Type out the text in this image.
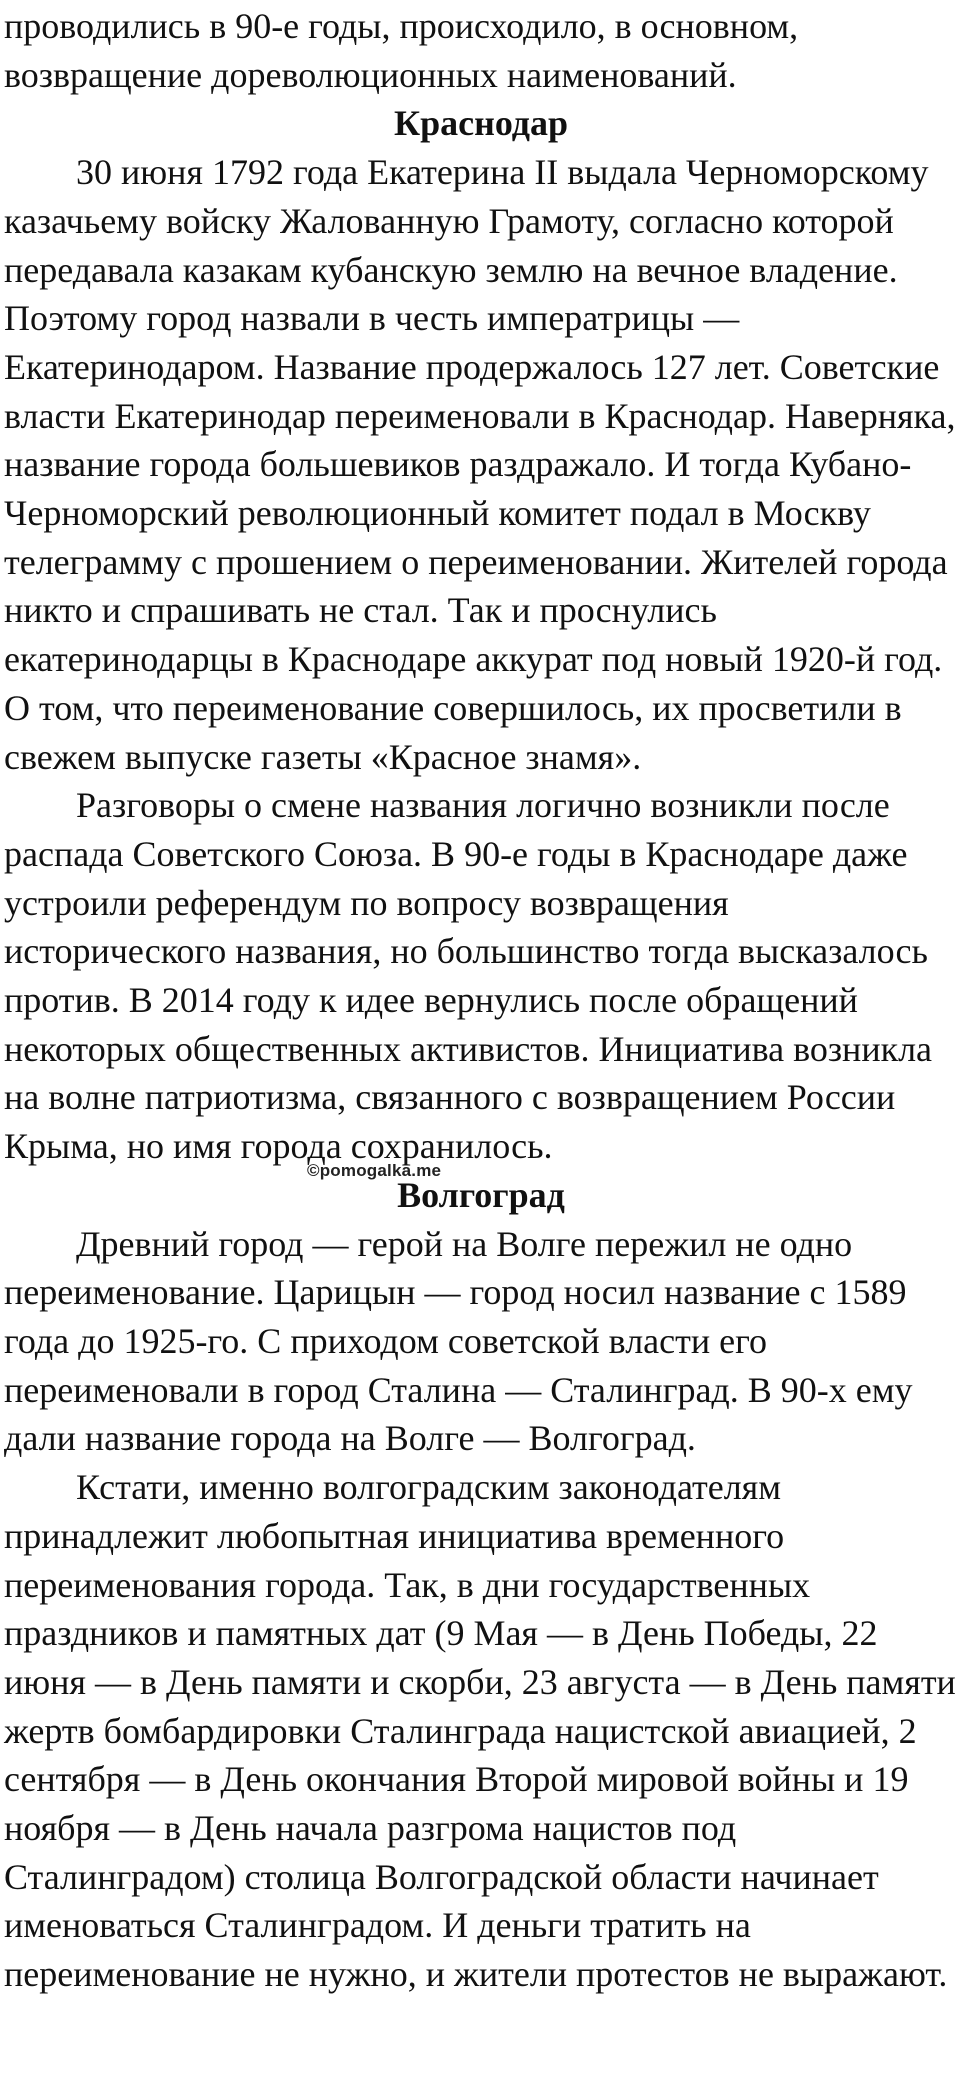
проводились в 90-е годы, происходило, в основном, возвращение дореволюционных наименований.

Краснодар

30 июня 1792 года Екатерина II выдала Черноморскому казачьему войску Жалованную Грамоту, согласно которой передавала казакам кубанскую землю на вечное владение. Поэтому город назвали в честь императрицы — Екатеринодаром. Название продержалось 127 лет. Советские власти Екатеринодар переименовали в Краснодар. Наверняка, название города большевиков раздражало. И тогда Кубано-Черноморский революционный комитет подал в Москву телеграмму с прошением о переименовании. Жителей города никто и спрашивать не стал. Так и проснулись екатеринодарцы в Краснодаре аккурат под новый 1920-й год. О том, что переименование совершилось, их просветили в свежем выпуске газеты «Красное знамя».

Разговоры о смене названия логично возникли после распада Советского Союза. В 90-е годы в Краснодаре даже устроили референдум по вопросу возвращения исторического названия, но большинство тогда высказалось против. В 2014 году к идее вернулись после обращений некоторых общественных активистов. Инициатива возникла на волне патриотизма, связанного с возвращением России Крыма, но имя города сохранилось.

Волгоград

Древний город — герой на Волге пережил не одно переименование. Царицын — город носил название с 1589 года до 1925-го. С приходом советской власти его переименовали в город Сталина — Сталинград. В 90-х ему дали название города на Волге — Волгоград.

Кстати, именно волгоградским законодателям принадлежит любопытная инициатива временного переименования города. Так, в дни государственных праздников и памятных дат (9 Мая — в День Победы, 22 июня — в День памяти и скорби, 23 августа — в День памяти жертв бомбардировки Сталинграда нацистской авиацией, 2 сентября — в День окончания Второй мировой войны и 19 ноября — в День начала разгрома нацистов под Сталинградом) столица Волгоградской области начинает именоваться Сталинградом. И деньги тратить на переименование не нужно, и жители протестов не выражают.

©pomogalka.me
